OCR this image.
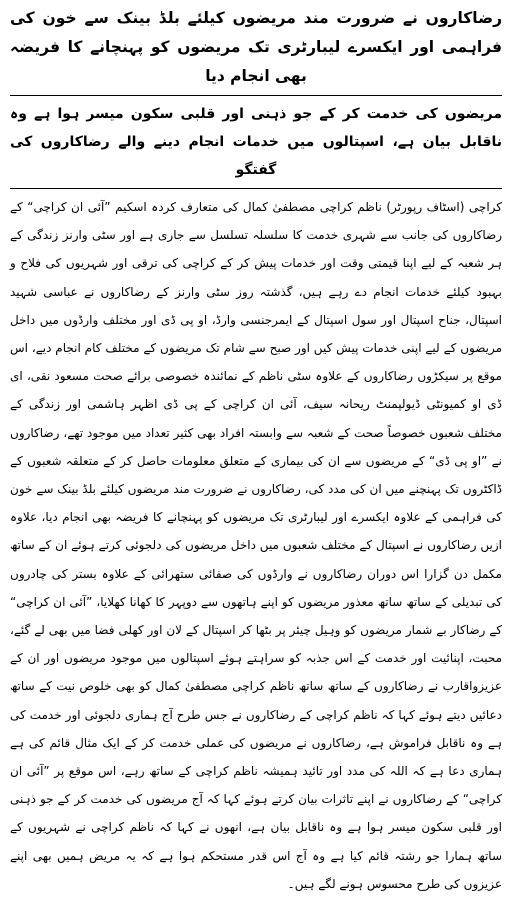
رضاکاروں نے ضرورت مند مریضوں کیلئے بلڈ بینک سے خون کی فراہمی اور ایکسرے لیبارٹری تک مریضوں کو پہنچانے کا فریضہ بھی انجام دیا
مریضوں کی خدمت کر کے جو ذہنی اور قلبی سکون میسر ہوا ہے وہ ناقابل بیان ہے، اسپتالوں میں خدمات انجام دینے والے رضاکاروں کی گفتگو

کراچی (اسٹاف رپورٹر) ناظم کراچی مصطفیٰ کمال کی متعارف کردہ اسکیم ”آئی ان کراچی“ کے رضاکاروں کی جانب سے شہری خدمت کا سلسلہ تسلسل سے جاری ہے اور سٹی وارنز زندگی کے ہر شعبہ کے لیے اپنا قیمتی وقت اور خدمات پیش کر کے کراچی کی ترقی اور شہریوں کی فلاح و بہبود کیلئے خدمات انجام دے رہے ہیں، گذشتہ روز سٹی وارنز کے رضاکاروں نے عباسی شہید اسپتال، جناح اسپتال اور سول اسپتال کے ایمرجنسی وارڈ، او پی ڈی اور مختلف وارڈوں میں داخل مریضوں کے لیے اپنی خدمات پیش کیں اور صبح سے شام تک مریضوں کے مختلف کام انجام دیے، اس موقع پر سیکڑوں رضاکاروں کے علاوہ سٹی ناظم کے نمائندہ خصوصی برائے صحت مسعود نقی، ای ڈی او کمیونٹی ڈیولپمنٹ ریحانہ سیف، آئی ان کراچی کے پی ڈی اظہر ہاشمی اور زندگی کے مختلف شعبوں خصوصاً صحت کے شعبہ سے وابستہ افراد بھی کثیر تعداد میں موجود تھے، رضاکاروں نے ”او پی ڈی“ کے مریضوں سے ان کی بیماری کے متعلق معلومات حاصل کر کے متعلقہ شعبوں کے ڈاکٹروں تک پہنچنے میں ان کی مدد کی، رضاکاروں نے ضرورت مند مریضوں کیلئے بلڈ بینک سے خون کی فراہمی کے علاوہ ایکسرے اور لیبارٹری تک مریضوں کو پہنچانے کا فریضہ بھی انجام دیا، علاوہ ازیں رضاکاروں نے اسپتال کے مختلف شعبوں میں داخل مریضوں کی دلجوئی کرتے ہوئے ان کے ساتھ مکمل دن گزارا اس دوران رضاکاروں نے وارڈوں کی صفائی ستھرائی کے علاوہ بستر کی چادروں کی تبدیلی کے ساتھ ساتھ معذور مریضوں کو اپنے ہاتھوں سے دوپہر کا کھانا کھلایا، ”آئی ان کراچی“ کے رضاکار بے شمار مریضوں کو وہیل چیئر پر بٹھا کر اسپتال کے لان اور کھلی فضا میں بھی لے گئے، محبت، اپنائیت اور خدمت کے اس جذبہ کو سراہتے ہوئے اسپتالوں میں موجود مریضوں اور ان کے عزیزواقارب نے رضاکاروں کے ساتھ ساتھ ناظم کراچی مصطفیٰ کمال کو بھی خلوص نیت کے ساتھ دعائیں دیتے ہوئے کہا کہ ناظم کراچی کے رضاکاروں نے جس طرح آج ہماری دلجوئی اور خدمت کی ہے وہ ناقابل فراموش ہے، رضاکاروں نے مریضوں کی عملی خدمت کر کے ایک مثال قائم کی ہے ہماری دعا ہے کہ اللہ کی مدد اور تائید ہمیشہ ناظم کراچی کے ساتھ رہے، اس موقع پر ”آئی ان کراچی“ کے رضاکاروں نے اپنے تاثرات بیان کرتے ہوئے کہا کہ آج مریضوں کی خدمت کر کے جو ذہنی اور قلبی سکون میسر ہوا ہے وہ ناقابل بیان ہے، انھوں نے کہا کہ ناظم کراچی نے شہریوں کے ساتھ ہمارا جو رشتہ قائم کیا ہے وہ آج اس قدر مستحکم ہوا ہے کہ یہ مریض ہمیں بھی اپنے عزیزوں کی طرح محسوس ہونے لگے ہیں۔
